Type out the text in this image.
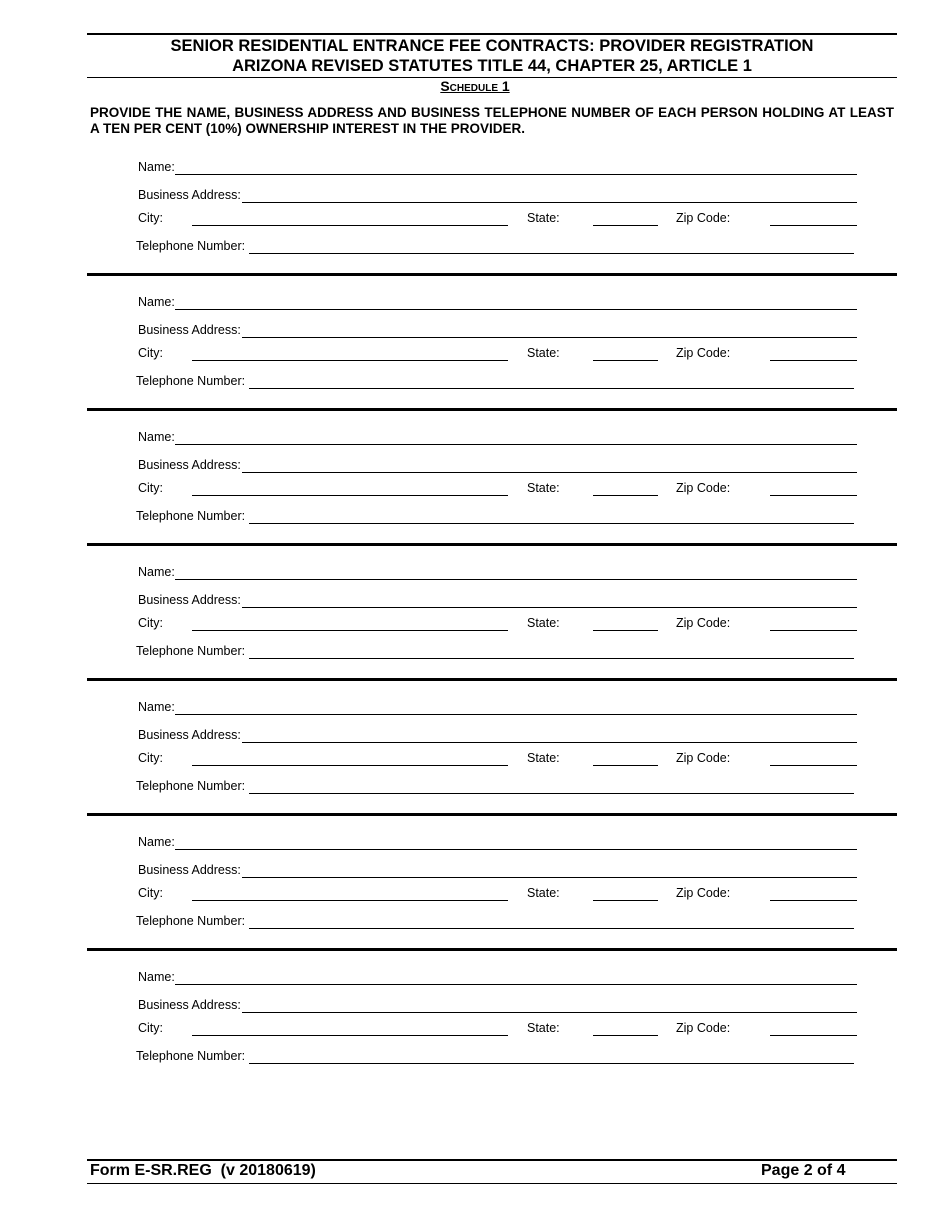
SENIOR RESIDENTIAL ENTRANCE FEE CONTRACTS: PROVIDER REGISTRATION
ARIZONA REVISED STATUTES TITLE 44, CHAPTER 25, ARTICLE 1
Schedule 1
PROVIDE THE NAME, BUSINESS ADDRESS AND BUSINESS TELEPHONE NUMBER OF EACH PERSON HOLDING AT LEAST A TEN PER CENT (10%) OWNERSHIP INTEREST IN THE PROVIDER.
Name:
Business Address:
City:	State:	Zip Code:
Telephone Number:
Name:
Business Address:
City:	State:	Zip Code:
Telephone Number:
Name:
Business Address:
City:	State:	Zip Code:
Telephone Number:
Name:
Business Address:
City:	State:	Zip Code:
Telephone Number:
Name:
Business Address:
City:	State:	Zip Code:
Telephone Number:
Name:
Business Address:
City:	State:	Zip Code:
Telephone Number:
Name:
Business Address:
City:	State:	Zip Code:
Telephone Number:
Form E-SR.REG  (v 20180619)	Page 2 of 4
